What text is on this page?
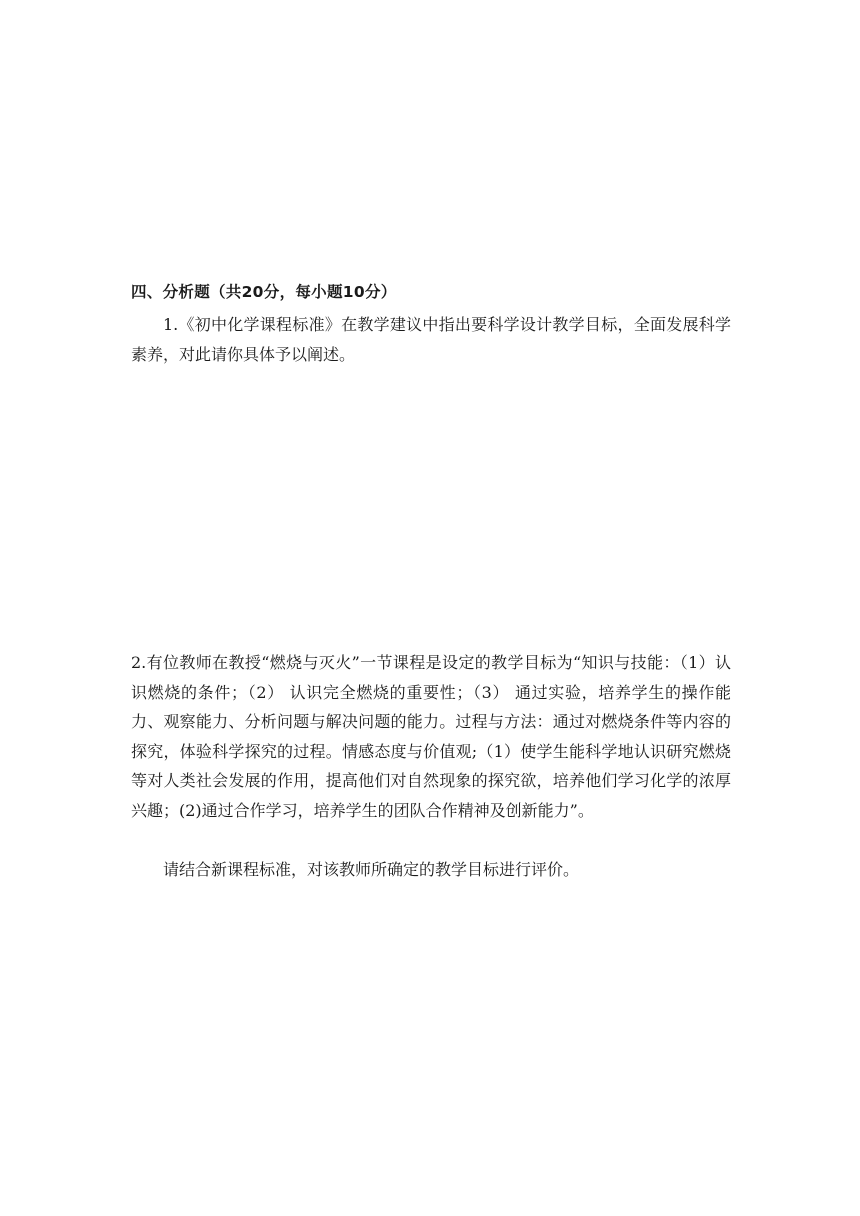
四、分析题（共20分，每小题10分）
1.《初中化学课程标准》在教学建议中指出要科学设计教学目标，全面发展科学素养，对此请你具体予以阐述。
2.有位教师在教授“燃烧与灭火”一节课程是设定的教学目标为“知识与技能：（1）认识燃烧的条件；（2） 认识完全燃烧的重要性；（3） 通过实验，培养学生的操作能力、观察能力、分析问题与解决问题的能力。过程与方法：通过对燃烧条件等内容的探究，体验科学探究的过程。情感态度与价值观;（1）使学生能科学地认识研究燃烧等对人类社会发展的作用，提高他们对自然现象的探究欲，培养他们学习化学的浓厚兴趣；(2)通过合作学习，培养学生的团队合作精神及创新能力”。
请结合新课程标准，对该教师所确定的教学目标进行评价。
